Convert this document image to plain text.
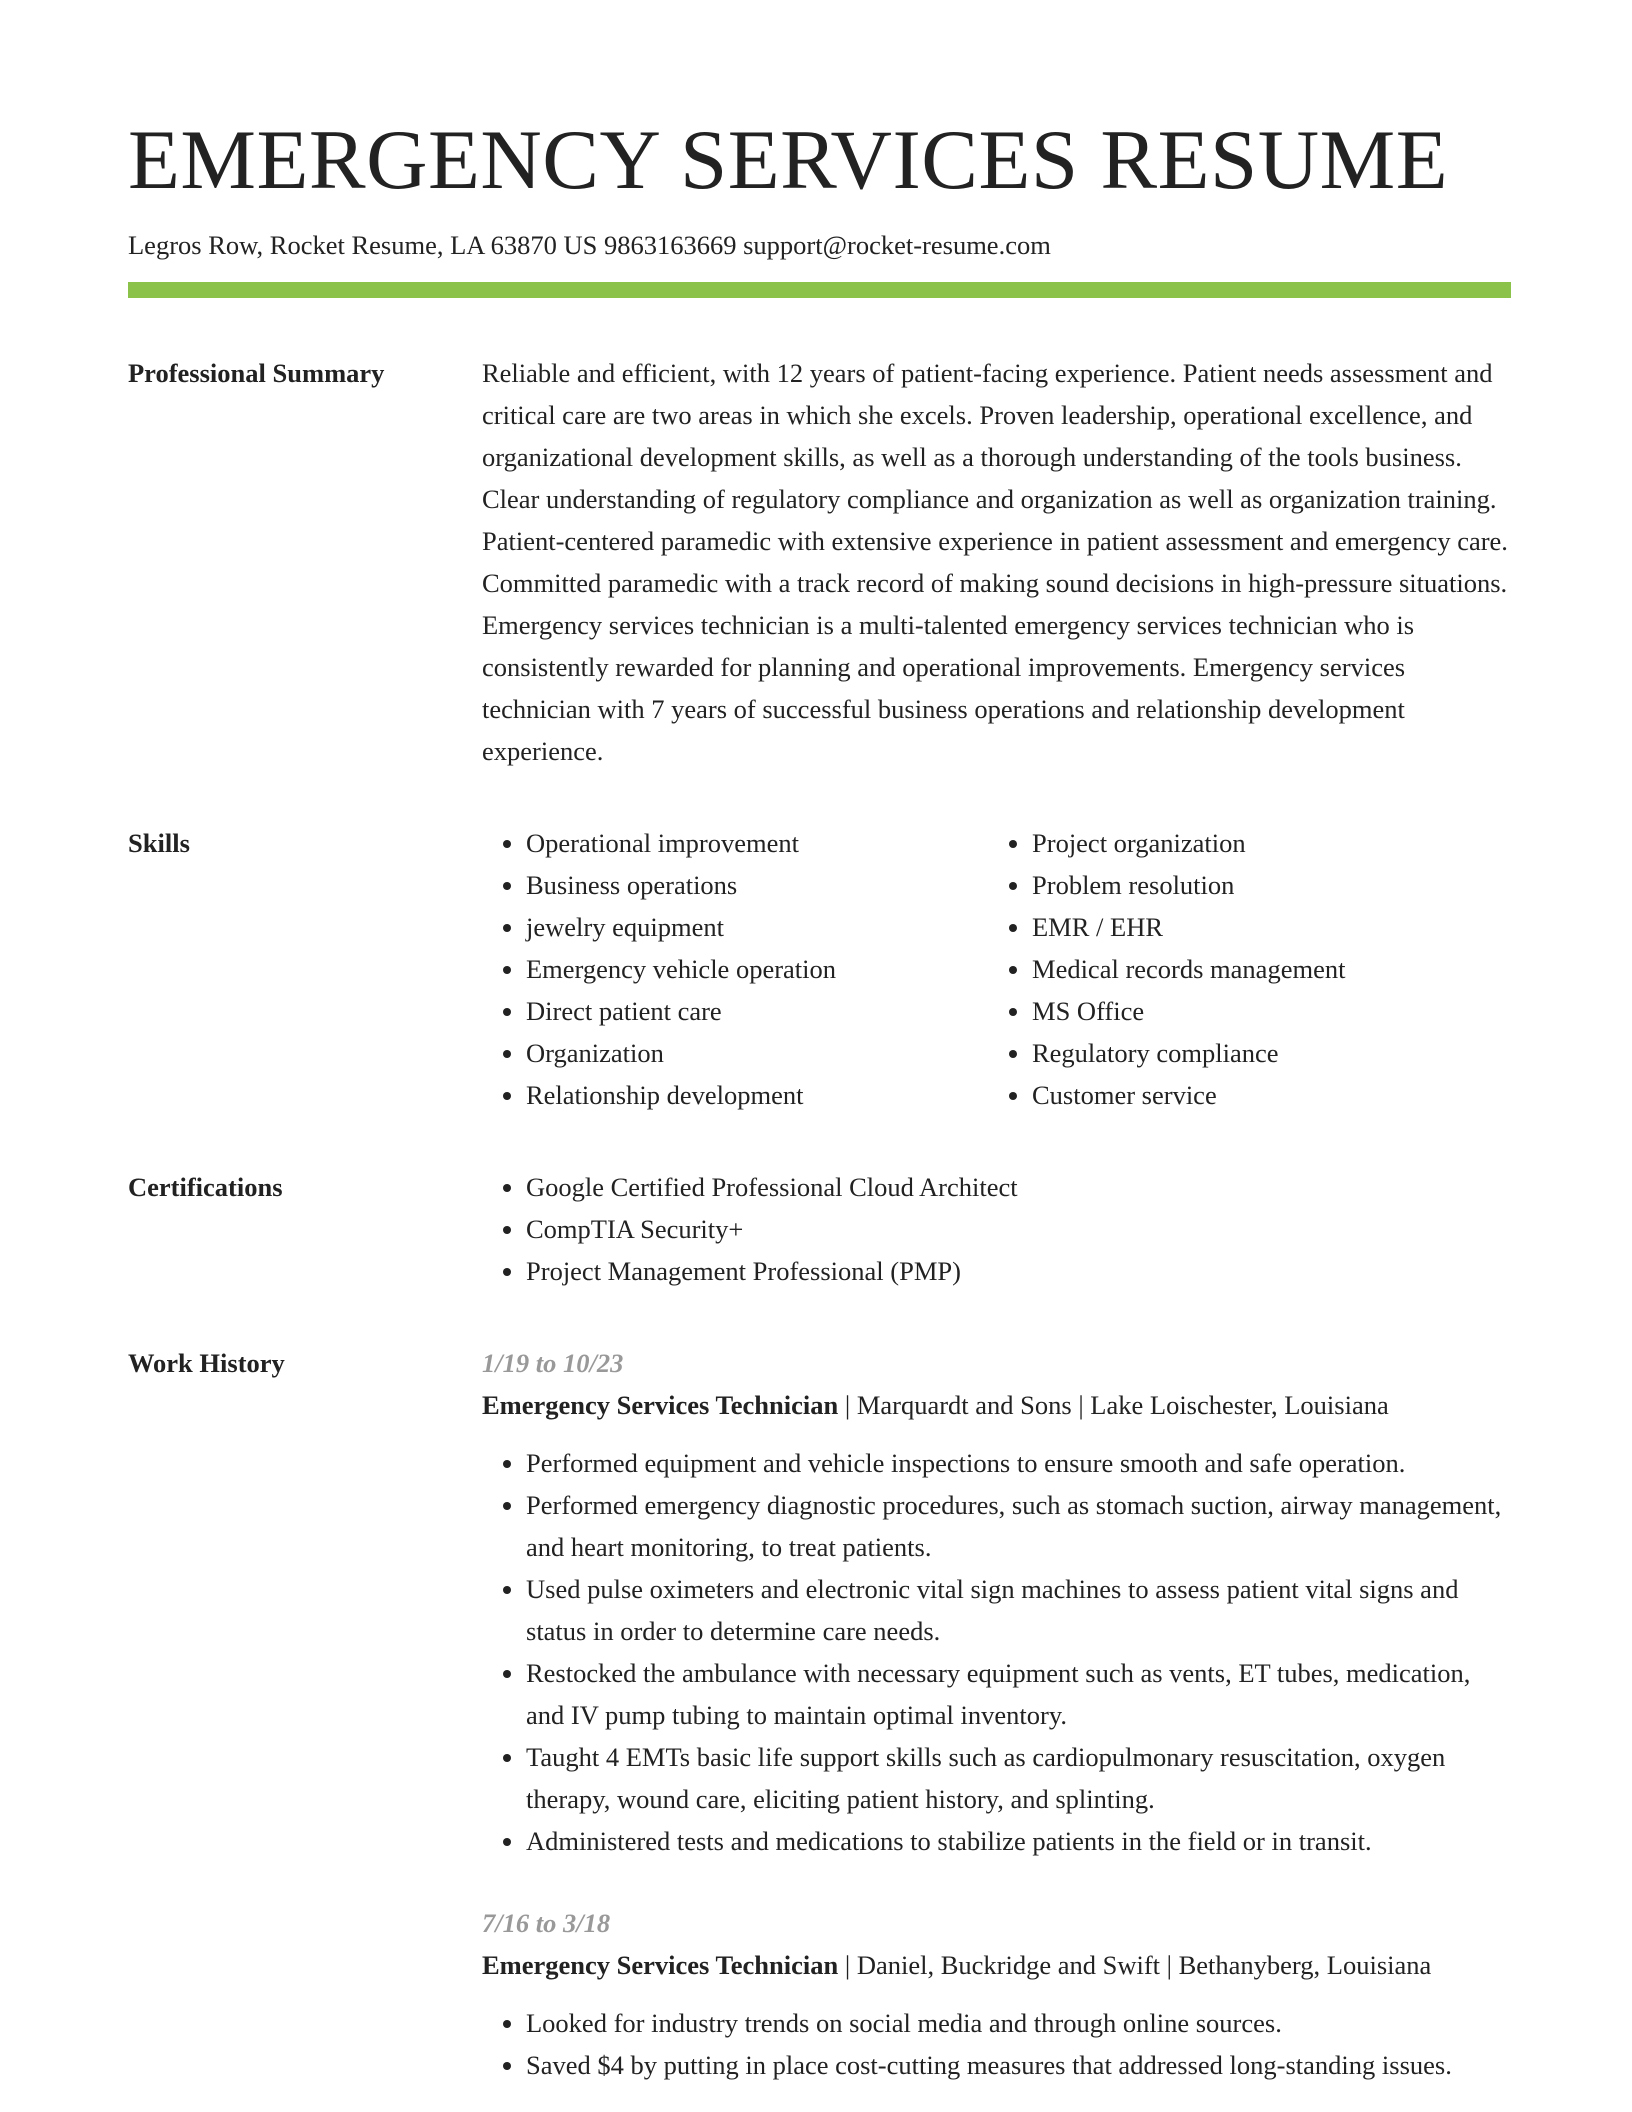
EMERGENCY SERVICES RESUME
Legros Row, Rocket Resume, LA 63870 US 9863163669 support@rocket-resume.com
Professional Summary	Reliable and efficient, with 12 years of patient-facing experience. Patient needs assessment and critical care are two areas in which she excels. Proven leadership, operational excellence, and organizational development skills, as well as a thorough understanding of the tools business. Clear understanding of regulatory compliance and organization as well as organization training. Patient-centered paramedic with extensive experience in patient assessment and emergency care. Committed paramedic with a track record of making sound decisions in high-pressure situations. Emergency services technician is a multi-talented emergency services technician who is consistently rewarded for planning and operational improvements. Emergency services technician with 7 years of successful business operations and relationship development experience.

Skills	• Operational improvement
• Business operations
• jewelry equipment
• Emergency vehicle operation
• Direct patient care
• Organization
• Relationship development
• Project organization
• Problem resolution
• EMR / EHR
• Medical records management
• MS Office
• Regulatory compliance
• Customer service
Certifications	• Google Certified Professional Cloud Architect
• CompTIA Security+
• Project Management Professional (PMP)
Work History	1/19 to 10/23
Emergency Services Technician | Marquardt and Sons | Lake Loischester, Louisiana
• Performed equipment and vehicle inspections to ensure smooth and safe operation.
• Performed emergency diagnostic procedures, such as stomach suction, airway management, and heart monitoring, to treat patients.
• Used pulse oximeters and electronic vital sign machines to assess patient vital signs and status in order to determine care needs.
• Restocked the ambulance with necessary equipment such as vents, ET tubes, medication, and IV pump tubing to maintain optimal inventory.
• Taught 4 EMTs basic life support skills such as cardiopulmonary resuscitation, oxygen therapy, wound care, eliciting patient history, and splinting.
• Administered tests and medications to stabilize patients in the field or in transit.
7/16 to 3/18
Emergency Services Technician | Daniel, Buckridge and Swift | Bethanyberg, Louisiana
• Looked for industry trends on social media and through online sources.
• Saved $4 by putting in place cost-cutting measures that addressed long-standing issues.
